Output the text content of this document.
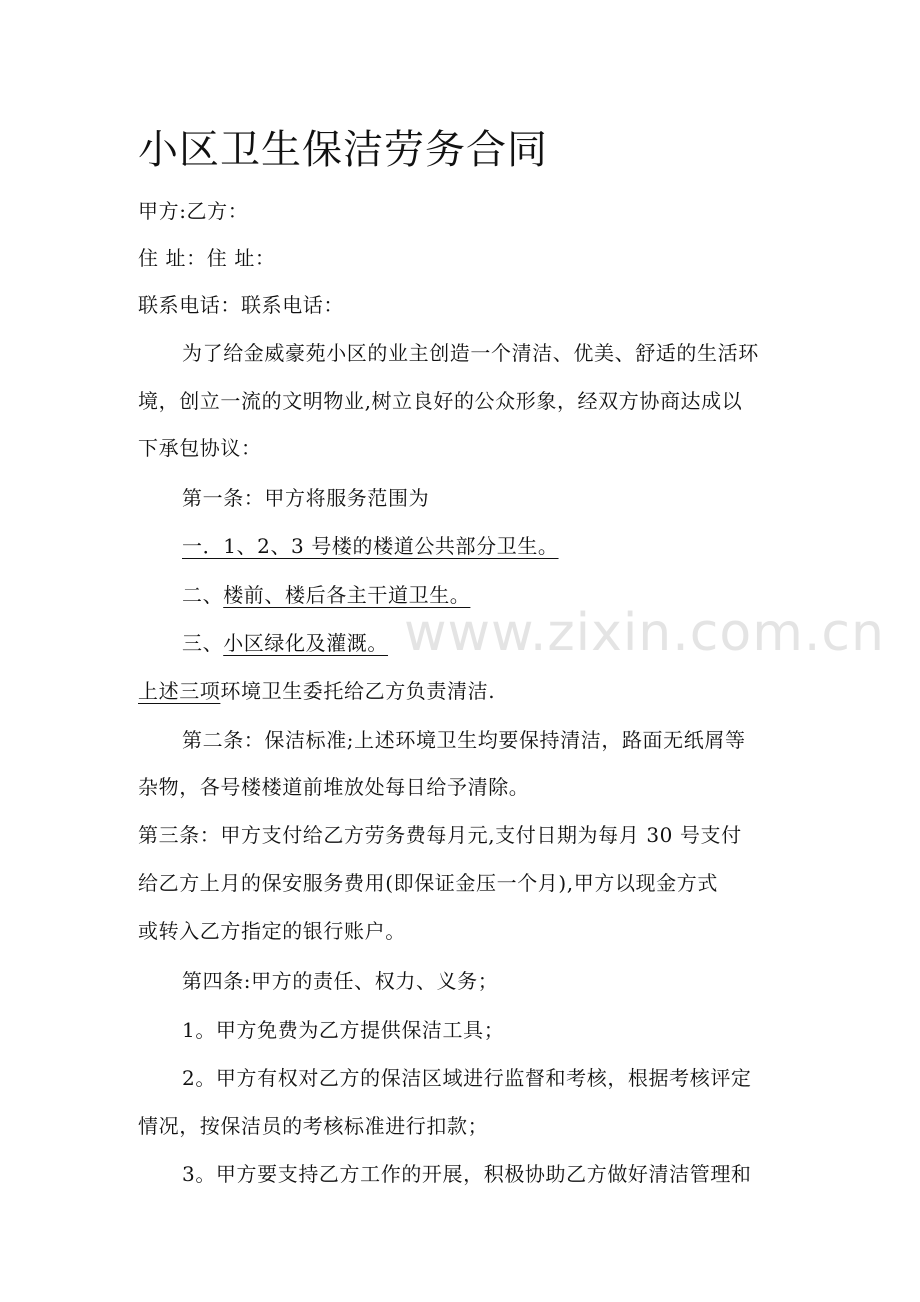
小区卫生保洁劳务合同
甲方:乙方：
住 址：住 址：
联系电话：联系电话：
为了给金威豪苑小区的业主创造一个清洁、优美、舒适的生活环
境，创立一流的文明物业,树立良好的公众形象，经双方协商达成以
下承包协议：
第一条：甲方将服务范围为
一．1、2、3 号楼的楼道公共部分卫生。
二、楼前、楼后各主干道卫生。
三、小区绿化及灌溉。
上述三项环境卫生委托给乙方负责清洁.
第二条：保洁标准;上述环境卫生均要保持清洁，路面无纸屑等
杂物，各号楼楼道前堆放处每日给予清除。
第三条：甲方支付给乙方劳务费每月元,支付日期为每月 30 号支付
给乙方上月的保安服务费用(即保证金压一个月),甲方以现金方式
或转入乙方指定的银行账户。
第四条:甲方的责任、权力、义务；
1。甲方免费为乙方提供保洁工具；
2。甲方有权对乙方的保洁区域进行监督和考核，根据考核评定
情况，按保洁员的考核标准进行扣款；
3。甲方要支持乙方工作的开展，积极协助乙方做好清洁管理和
www.zixin.com.cn
